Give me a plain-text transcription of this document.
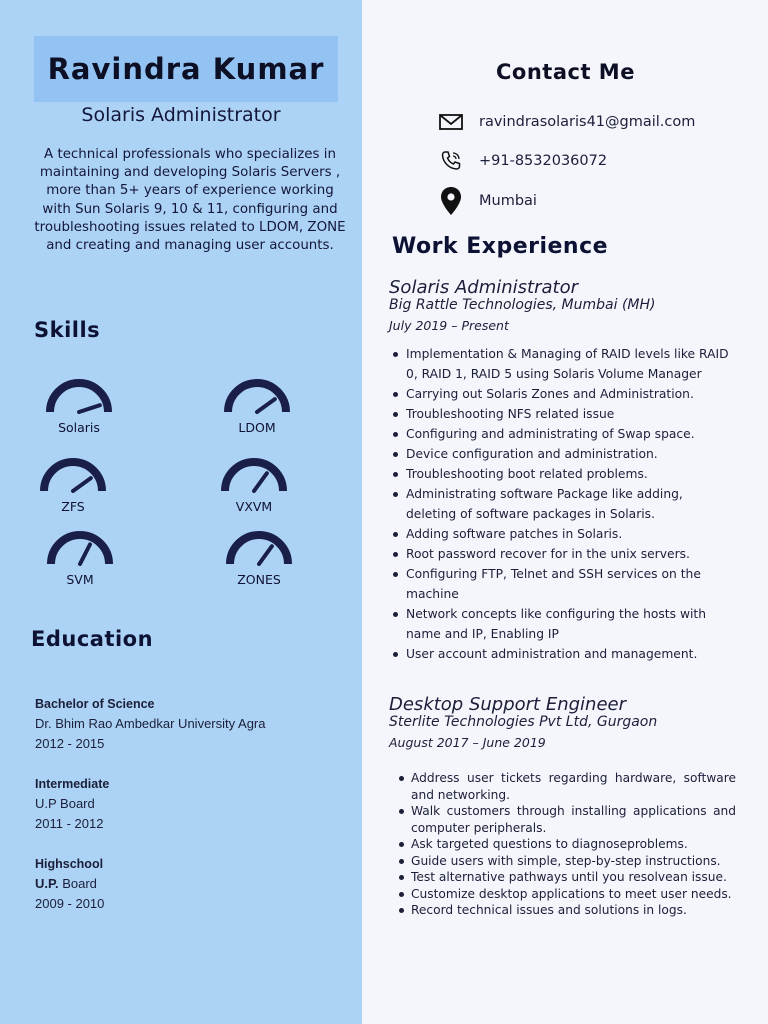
Ravindra Kumar
Solaris Administrator
A technical professionals who specializes in maintaining and developing Solaris Servers , more than 5+ years of experience working with Sun Solaris 9, 10 & 11, configuring and troubleshooting issues related to LDOM, ZONE and creating and managing user accounts.
Skills
Solaris	LDOM
ZFS	VXVM
SVM	ZONES
Education
Bachelor of Science
Dr. Bhim Rao Ambedkar University Agra
2012 - 2015
Intermediate
U.P Board
2011 - 2012
Highschool
U.P. Board
2009 - 2010
Contact Me
ravindrasolaris41@gmail.com
+91-8532036072
Mumbai
Work Experience
Solaris Administrator
Big Rattle Technologies, Mumbai (MH)
July 2019 – Present
Implementation & Managing of RAID levels like RAID 0, RAID 1, RAID 5 using Solaris Volume Manager
Carrying out Solaris Zones and Administration.
Troubleshooting NFS related issue
Configuring and administrating of Swap space.
Device configuration and administration.
Troubleshooting boot related problems.
Administrating software Package like adding, deleting of software packages in Solaris.
Adding software patches in Solaris.
Root password recover for in the unix servers.
Configuring FTP, Telnet and SSH services on the machine
Network concepts like configuring the hosts with name and IP, Enabling IP
User account administration and management.
Desktop Support Engineer
Sterlite Technologies Pvt Ltd, Gurgaon
August 2017 – June 2019
Address user tickets regarding hardware, software and networking.
Walk customers through installing applications and computer peripherals.
Ask targeted questions to diagnoseproblems.
Guide users with simple, step-by-step instructions.
Test alternative pathways until you resolvean issue.
Customize desktop applications to meet user needs.
Record technical issues and solutions in logs.
